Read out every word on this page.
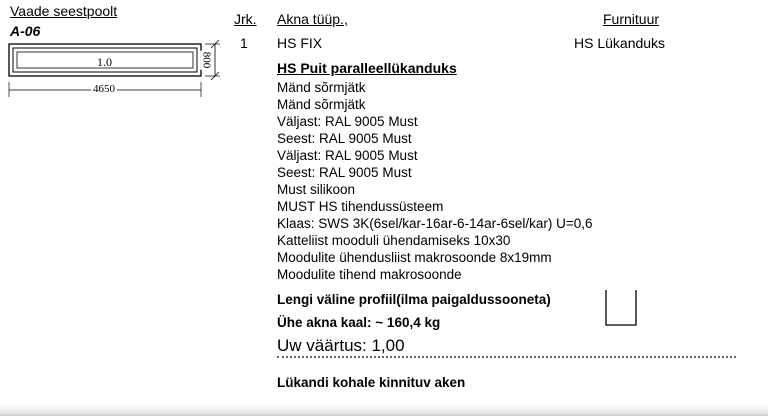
Vaade seestpoolt
A-06
1.0	800
4650
Jrk. Akna tüüp.,	Furnituur
1 HS FIX	HS Lükanduks
HS Puit paralleellükanduks
Mänd sõrmjätk
Mänd sõrmjätk
Väljast: RAL 9005 Must
Seest: RAL 9005 Must
Väljast: RAL 9005 Must
Seest: RAL 9005 Must
Must silikoon
MUST HS tihendussüsteem
Klaas: SWS 3K(6sel/kar-16ar-6-14ar-6sel/kar) U=0,6
Katteliist mooduli ühendamiseks 10x30
Moodulite ühendusliist makrosoonde 8x19mm
Moodulite tihend makrosoonde
Lengi väline profiil(ilma paigaldussooneta)
Ühe akna kaal: ~ 160,4 kg
Uw väärtus: 1,00
Lükandi kohale kinnituv aken
